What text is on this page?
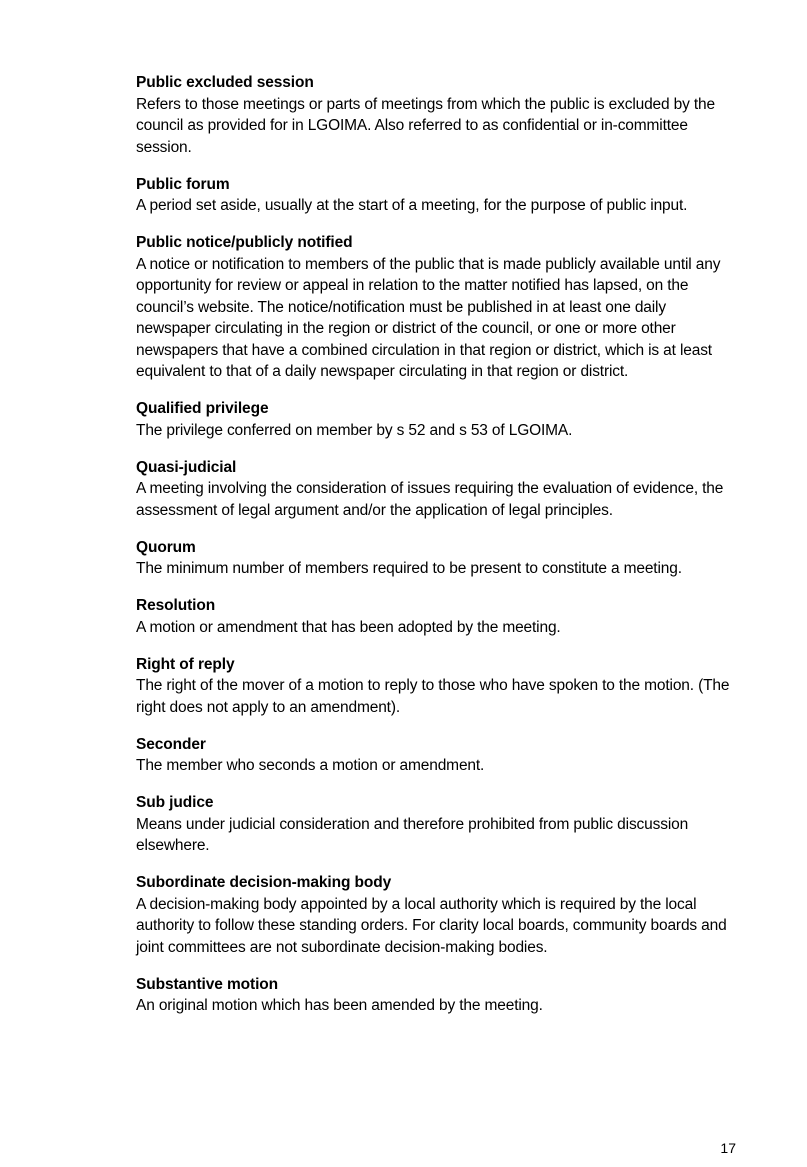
Public excluded session
Refers to those meetings or parts of meetings from which the public is excluded by the council as provided for in LGOIMA. Also referred to as confidential or in-committee session.
Public forum
A period set aside, usually at the start of a meeting, for the purpose of public input.
Public notice/publicly notified
A notice or notification to members of the public that is made publicly available until any opportunity for review or appeal in relation to the matter notified has lapsed, on the council’s website. The notice/notification must be published in at least one daily newspaper circulating in the region or district of the council, or one or more other newspapers that have a combined circulation in that region or district, which is at least equivalent to that of a daily newspaper circulating in that region or district.
Qualified privilege
The privilege conferred on member by s 52 and s 53 of LGOIMA.
Quasi-judicial
A meeting involving the consideration of issues requiring the evaluation of evidence, the assessment of legal argument and/or the application of legal principles.
Quorum
The minimum number of members required to be present to constitute a meeting.
Resolution
A motion or amendment that has been adopted by the meeting.
Right of reply
The right of the mover of a motion to reply to those who have spoken to the motion. (The right does not apply to an amendment).
Seconder
The member who seconds a motion or amendment.
Sub judice
Means under judicial consideration and therefore prohibited from public discussion elsewhere.
Subordinate decision-making body
A decision-making body appointed by a local authority which is required by the local authority to follow these standing orders. For clarity local boards, community boards and joint committees are not subordinate decision-making bodies.
Substantive motion
An original motion which has been amended by the meeting.
17
